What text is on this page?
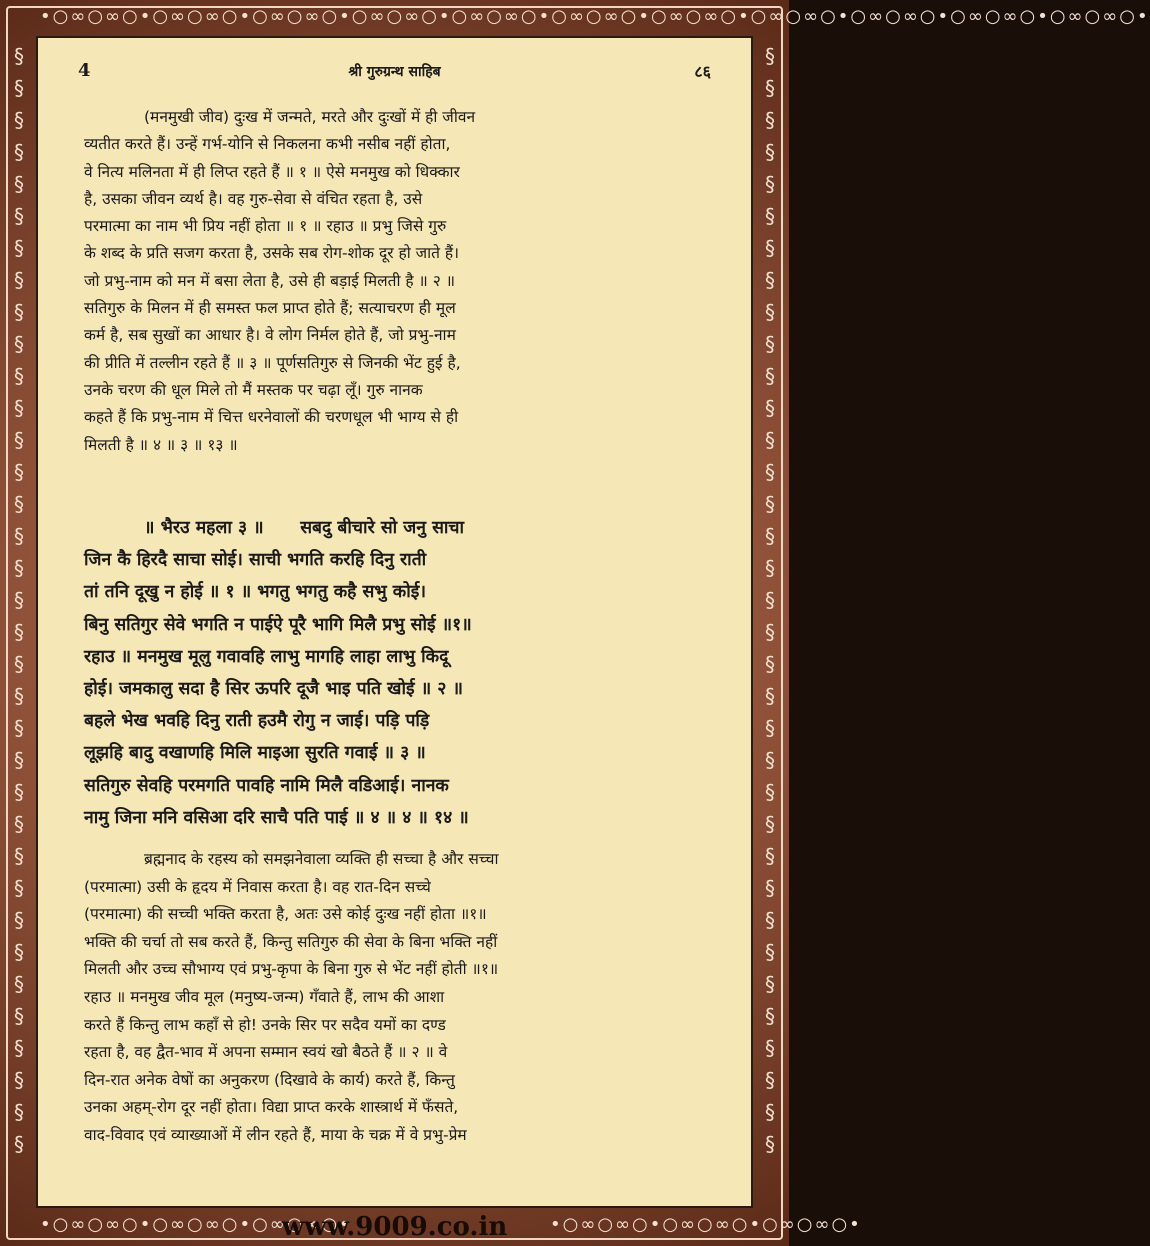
•○∞○∞○•○∞○∞○•○∞○∞○•○∞○∞○•○∞○∞○•○∞○∞○•○∞○∞○•○∞○∞○•○∞○∞○•○∞○∞○•○∞○∞○•
•○∞○∞○•○∞○∞○•○∞○∞○•	•○∞○∞○•○∞○∞○•○∞○∞○•
§
§
§
§
§
§
§
§
§
§
§
§
§
§
§
§
§
§
§
§
§
§
§
§
§
§
§
§
§
§
§
§
§
§
§
§
§
§
§
§
§
§
§
§
§
§
§
§
§
§
§
§
§
§
§
§
§
§
§
§
§
§
§
§
§
§
§
§
§
§
4	श्री गुरुग्रन्थ साहिब	८६
(मनमुखी जीव) दुःख में जन्मते, मरते और दुःखों में ही जीवन
व्यतीत करते हैं। उन्हें गर्भ-योनि से निकलना कभी नसीब नहीं होता,
वे नित्य मलिनता में ही लिप्त रहते हैं ॥ १ ॥ ऐसे मनमुख को धिक्कार
है, उसका जीवन व्यर्थ है। वह गुरु-सेवा से वंचित रहता है, उसे
परमात्मा का नाम भी प्रिय नहीं होता ॥ १ ॥ रहाउ ॥ प्रभु जिसे गुरु
के शब्द के प्रति सजग करता है, उसके सब रोग-शोक दूर हो जाते हैं।
जो प्रभु-नाम को मन में बसा लेता है, उसे ही बड़ाई मिलती है ॥ २ ॥
सतिगुरु के मिलन में ही समस्त फल प्राप्त होते हैं; सत्याचरण ही मूल
कर्म है, सब सुखों का आधार है। वे लोग निर्मल होते हैं, जो प्रभु-नाम
की प्रीति में तल्लीन रहते हैं ॥ ३ ॥ पूर्णसतिगुरु से जिनकी भेंट हुई है,
उनके चरण की धूल मिले तो मैं मस्तक पर चढ़ा लूँ। गुरु नानक
कहते हैं कि प्रभु-नाम में चित्त धरनेवालों की चरणधूल भी भाग्य से ही
मिलती है ॥ ४ ॥ ३ ॥ १३ ॥
॥ भैरउ महला ३ ॥      सबदु बीचारे सो जनु साचा
जिन कै हिरदै साचा सोई। साची भगति करहि दिनु राती
तां तनि दूखु न होई ॥ १ ॥ भगतु भगतु कहै सभु कोई।
बिनु सतिगुर सेवे भगति न पाईऐ पूरै भागि मिलै प्रभु सोई ॥१॥
रहाउ ॥ मनमुख मूलु गवावहि लाभु मागहि लाहा लाभु किदू
होई। जमकालु सदा है सिर ऊपरि दूजै भाइ पति खोई ॥ २ ॥
बहले भेख भवहि दिनु राती हउमै रोगु न जाई। पड़ि पड़ि
लूझहि बादु वखाणहि मिलि माइआ सुरति गवाई ॥ ३ ॥
सतिगुरु सेवहि परमगति पावहि नामि मिलै वडिआई। नानक
नामु जिना मनि वसिआ दरि साचै पति पाई ॥ ४ ॥ ४ ॥ १४ ॥
ब्रह्मनाद के रहस्य को समझनेवाला व्यक्ति ही सच्चा है और सच्चा
(परमात्मा) उसी के हृदय में निवास करता है। वह रात-दिन सच्चे
(परमात्मा) की सच्ची भक्ति करता है, अतः उसे कोई दुःख नहीं होता ॥१॥
भक्ति की चर्चा तो सब करते हैं, किन्तु सतिगुरु की सेवा के बिना भक्ति नहीं
मिलती और उच्च सौभाग्य एवं प्रभु-कृपा के बिना गुरु से भेंट नहीं होती ॥१॥
रहाउ ॥ मनमुख जीव मूल (मनुष्य-जन्म) गँवाते हैं, लाभ की आशा
करते हैं किन्तु लाभ कहाँ से हो! उनके सिर पर सदैव यमों का दण्ड
रहता है, वह द्वैत-भाव में अपना सम्मान स्वयं खो बैठते हैं ॥ २ ॥ वे
दिन-रात अनेक वेषों का अनुकरण (दिखावे के कार्य) करते हैं, किन्तु
उनका अहम्-रोग दूर नहीं होता। विद्या प्राप्त करके शास्त्रार्थ में फँसते,
वाद-विवाद एवं व्याख्याओं में लीन रहते हैं, माया के चक्र में वे प्रभु-प्रेम
www.9009.co.in
